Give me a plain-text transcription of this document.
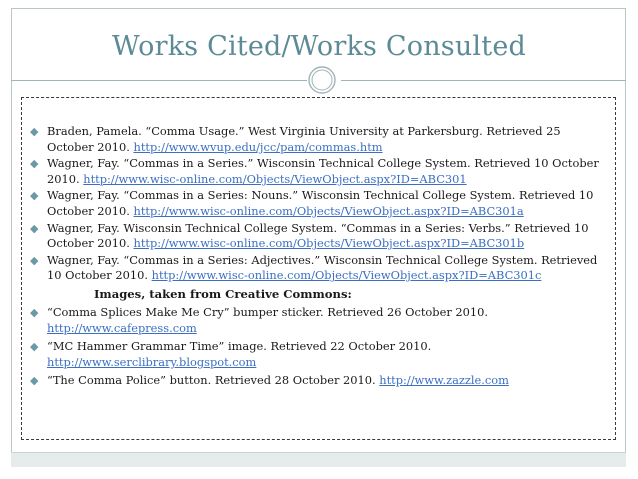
Works Cited/Works Consulted
◆ Braden, Pamela. “Comma Usage.” West Virginia University at Parkersburg. Retrieved 25 October 2010. http://www.wvup.edu/jcc/pam/commas.htm
◆ Wagner, Fay. “Commas in a Series.” Wisconsin Technical College System. Retrieved 10 October 2010. http://www.wisc-online.com/Objects/ViewObject.aspx?ID=ABC301
◆ Wagner, Fay. “Commas in a Series: Nouns.” Wisconsin Technical College System. Retrieved 10 October 2010. http://www.wisc-online.com/Objects/ViewObject.aspx?ID=ABC301a
◆ Wagner, Fay. Wisconsin Technical College System. “Commas in a Series: Verbs.” Retrieved 10 October 2010. http://www.wisc-online.com/Objects/ViewObject.aspx?ID=ABC301b
◆ Wagner, Fay. “Commas in a Series: Adjectives.” Wisconsin Technical College System. Retrieved 10 October 2010. http://www.wisc-online.com/Objects/ViewObject.aspx?ID=ABC301c
Images, taken from Creative Commons:
◆ “Comma Splices Make Me Cry” bumper sticker. Retrieved 26 October 2010. http://www.cafepress.com
◆ “MC Hammer Grammar Time” image. Retrieved 22 October 2010. http://www.serclibrary.blogspot.com
◆ “The Comma Police” button. Retrieved 28 October 2010. http://www.zazzle.com
